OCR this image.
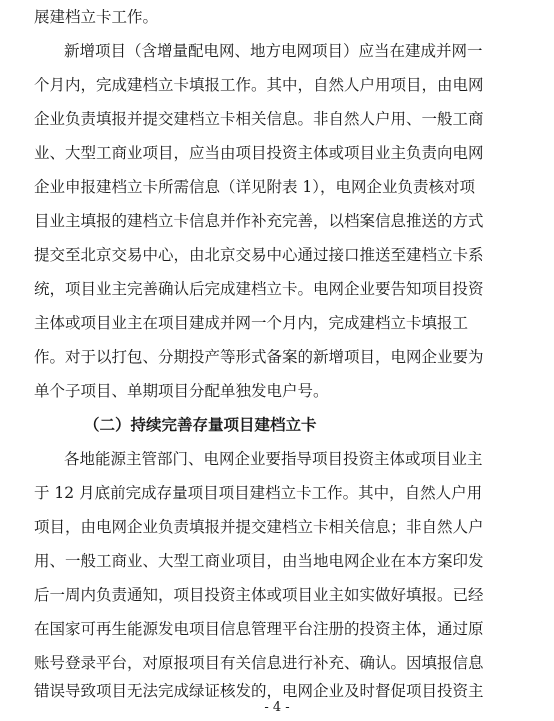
展建档立卡工作。
新增项目（含增量配电网、地方电网项目）应当在建成并网一
个月内，完成建档立卡填报工作。其中，自然人户用项目，由电网
企业负责填报并提交建档立卡相关信息。非自然人户用、一般工商
业、大型工商业项目，应当由项目投资主体或项目业主负责向电网
企业申报建档立卡所需信息（详见附表 1），电网企业负责核对项
目业主填报的建档立卡信息并作补充完善，以档案信息推送的方式
提交至北京交易中心，由北京交易中心通过接口推送至建档立卡系
统，项目业主完善确认后完成建档立卡。电网企业要告知项目投资
主体或项目业主在项目建成并网一个月内，完成建档立卡填报工
作。对于以打包、分期投产等形式备案的新增项目，电网企业要为
单个子项目、单期项目分配单独发电户号。
（二）持续完善存量项目建档立卡
各地能源主管部门、电网企业要指导项目投资主体或项目业主
于 12 月底前完成存量项目项目建档立卡工作。其中，自然人户用
项目，由电网企业负责填报并提交建档立卡相关信息；非自然人户
用、一般工商业、大型工商业项目，由当地电网企业在本方案印发
后一周内负责通知，项目投资主体或项目业主如实做好填报。已经
在国家可再生能源发电项目信息管理平台注册的投资主体，通过原
账号登录平台，对原报项目有关信息进行补充、确认。因填报信息
错误导致项目无法完成绿证核发的，电网企业及时督促项目投资主
- 4 -
